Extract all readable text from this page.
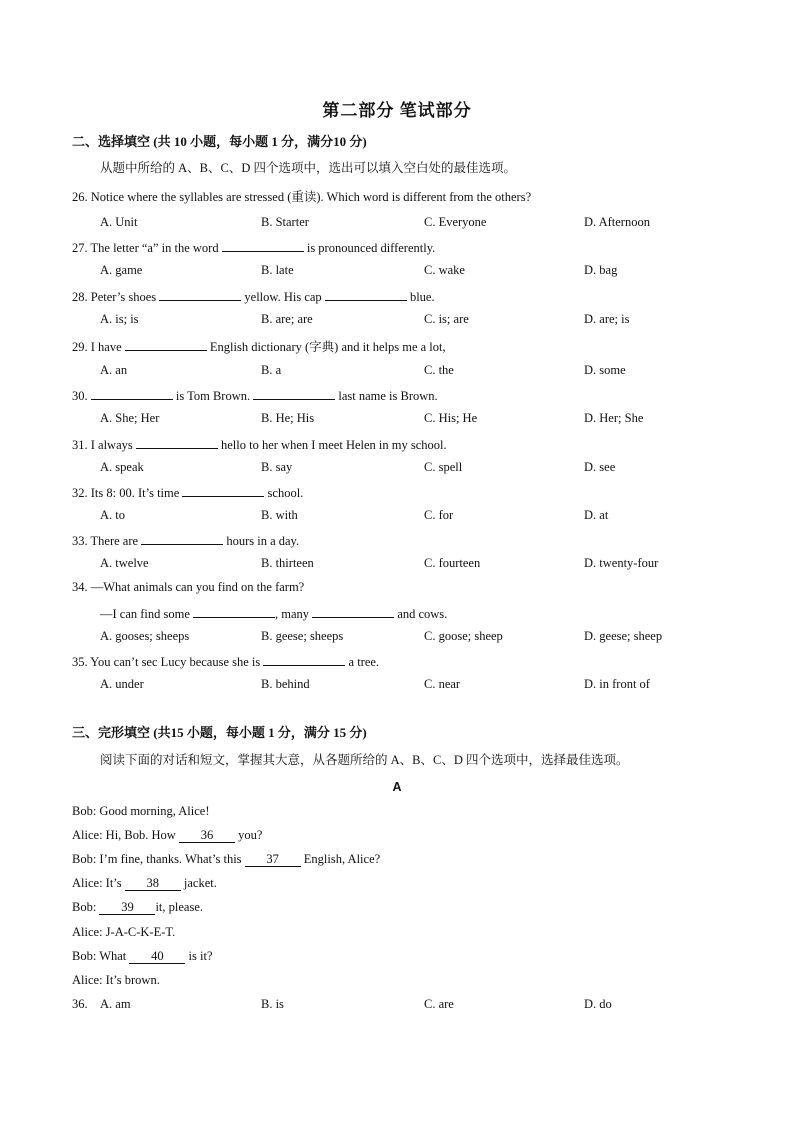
第二部分 笔试部分
二、选择填空 (共 10 小题，每小题 1 分，满分10 分)
从题中所给的 A、B、C、D 四个选项中，选出可以填入空白处的最佳选项。
26. Notice where the syllables are stressed (重读). Which word is different from the others?
A. Unit	B. Starter	C. Everyone	D. Afternoon
27. The letter “a” in the word	is pronounced differently.
A. game	B. late	C. wake	D. bag
28. Peter’s shoes	yellow. His cap	blue.
A. is; is	B. are; are	C. is; are	D. are; is
29. I have	English dictionary (字典) and it helps me a lot,
A. an	B. a	C. the	D. some
30.	is Tom Brown.	last name is Brown.
A. She; Her	B. He; His	C. His; He	D. Her; She
31. I always	hello to her when I meet Helen in my school.
A. speak	B. say	C. spell	D. see
32. Its 8: 00. It’s time	school.
A. to	B. with	C. for	D. at
33. There are	hours in a day.
A. twelve	B. thirteen	C. fourteen	D. twenty-four
34. —What animals can you find on the farm?
—I can find some	, many	and cows.
A. gooses; sheeps	B. geese; sheeps	C. goose; sheep	D. geese; sheep
35. You can’t sec Lucy because she is	a tree.
A. under	B. behind	C. near	D. in front of
三、完形填空 (共15 小题，每小题 1 分，满分 15 分)
阅读下面的对话和短文，掌握其大意，从各题所给的 A、B、C、D 四个选项中，选择最佳选项。
A
Bob: Good morning, Alice!
Alice: Hi, Bob. How 36 you?
Bob: I’m fine, thanks. What’s this 37 English, Alice?
Alice: It’s 38 jacket.
Bob: 39 it, please.
Alice: J-A-C-K-E-T.
Bob: What 40 is it?
Alice: It’s brown.
36. A. am	B. is	C. are	D. do
